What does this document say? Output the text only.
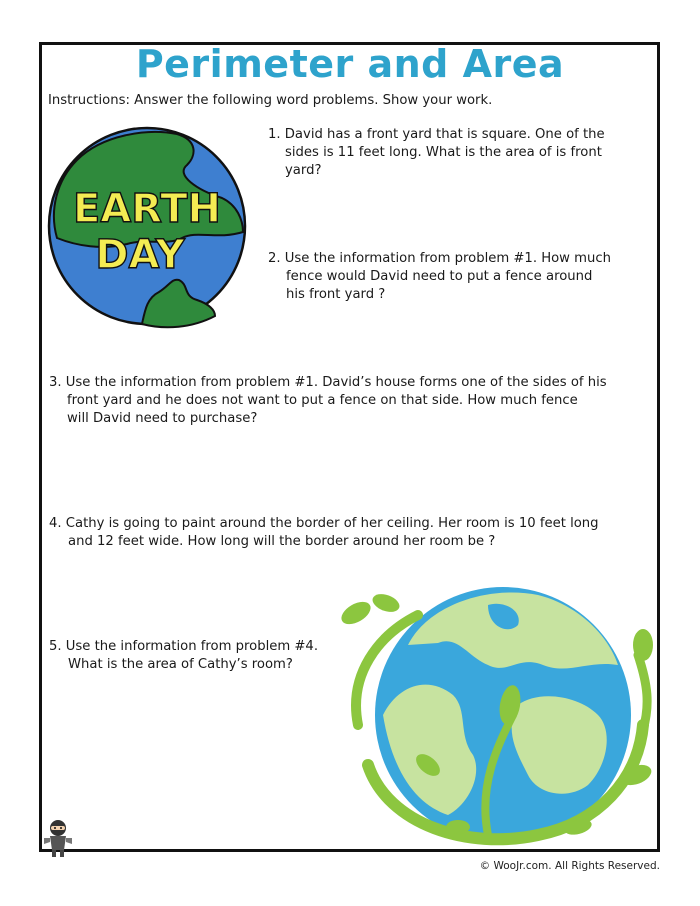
Perimeter and Area
Instructions: Answer the following word problems. Show your work.
EARTH
DAY
1. David has a front yard that is square. One of the
sides is 11 feet long. What is the area of is front
yard?
2. Use the information from problem #1. How much
fence would David need to put a fence around
his front yard ?
3. Use the information from problem #1. David’s house forms one of the sides of his
front yard and he does not want to put a fence on that side. How much fence
will David need to purchase?
4. Cathy is going to paint around the border of her ceiling. Her room is 10 feet long
and 12 feet wide. How long will the border around her room be ?
5. Use the information from problem #4.
What is the area of Cathy’s room?
© WooJr.com. All Rights Reserved.
